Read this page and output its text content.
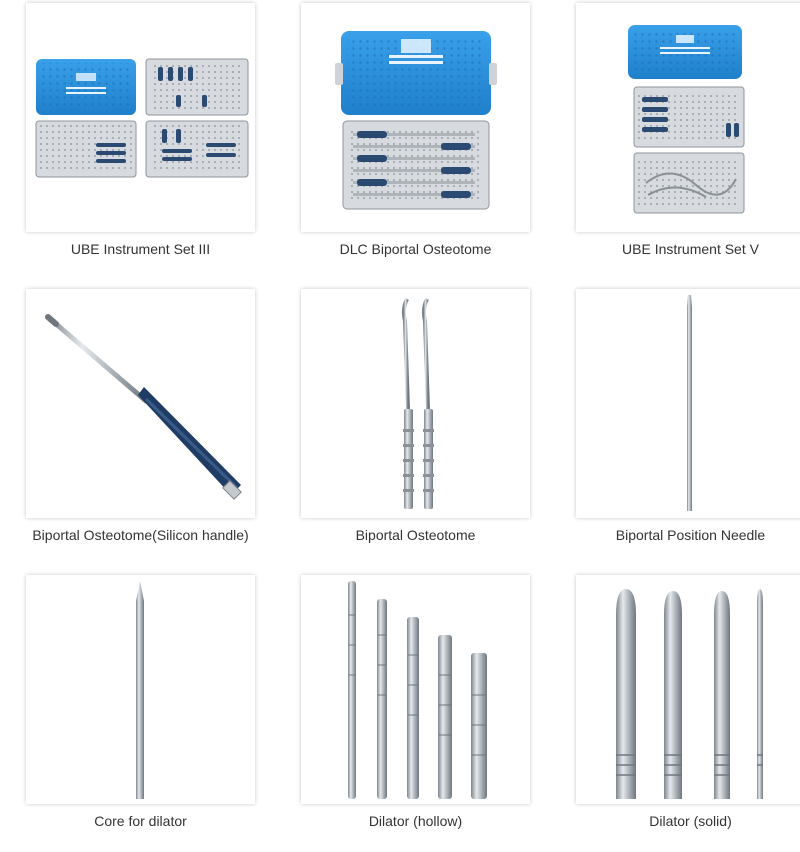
UBE Instrument Set III	DLC Biportal Osteotome	UBE Instrument Set V
Biportal Osteotome(Silicon handle)	Biportal Osteotome	Biportal Position Needle
Core for dilator	Dilator (hollow)	Dilator (solid)
